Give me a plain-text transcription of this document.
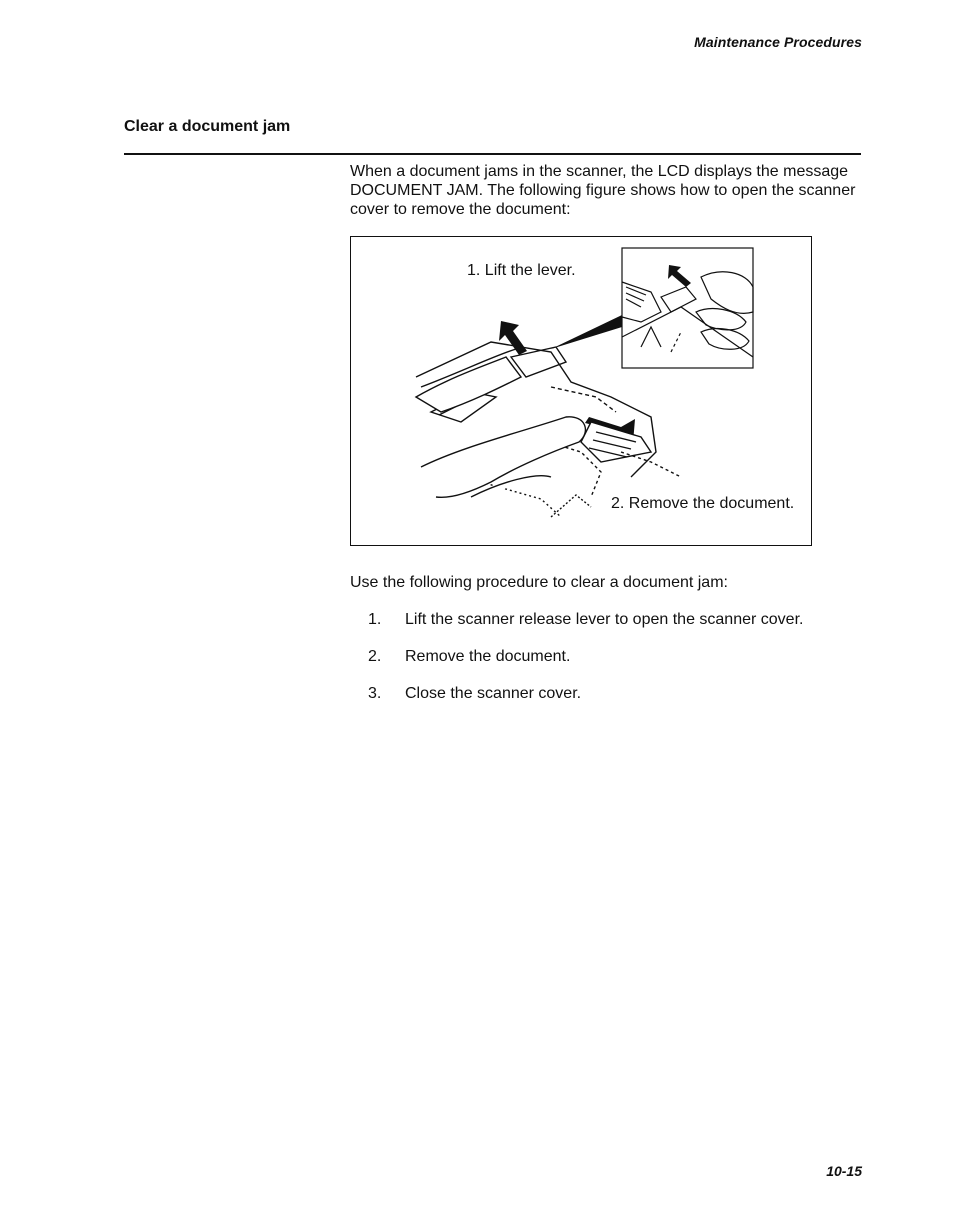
Maintenance Procedures
Clear a document jam

When a document jams in the scanner, the LCD displays the message DOCUMENT JAM. The following figure shows how to open the scanner cover to remove the document:

1. Lift the lever.
2. Remove the document.

Use the following procedure to clear a document jam:

1.	Lift the scanner release lever to open the scanner cover.
2.	Remove the document.
3.	Close the scanner cover.
10-15
